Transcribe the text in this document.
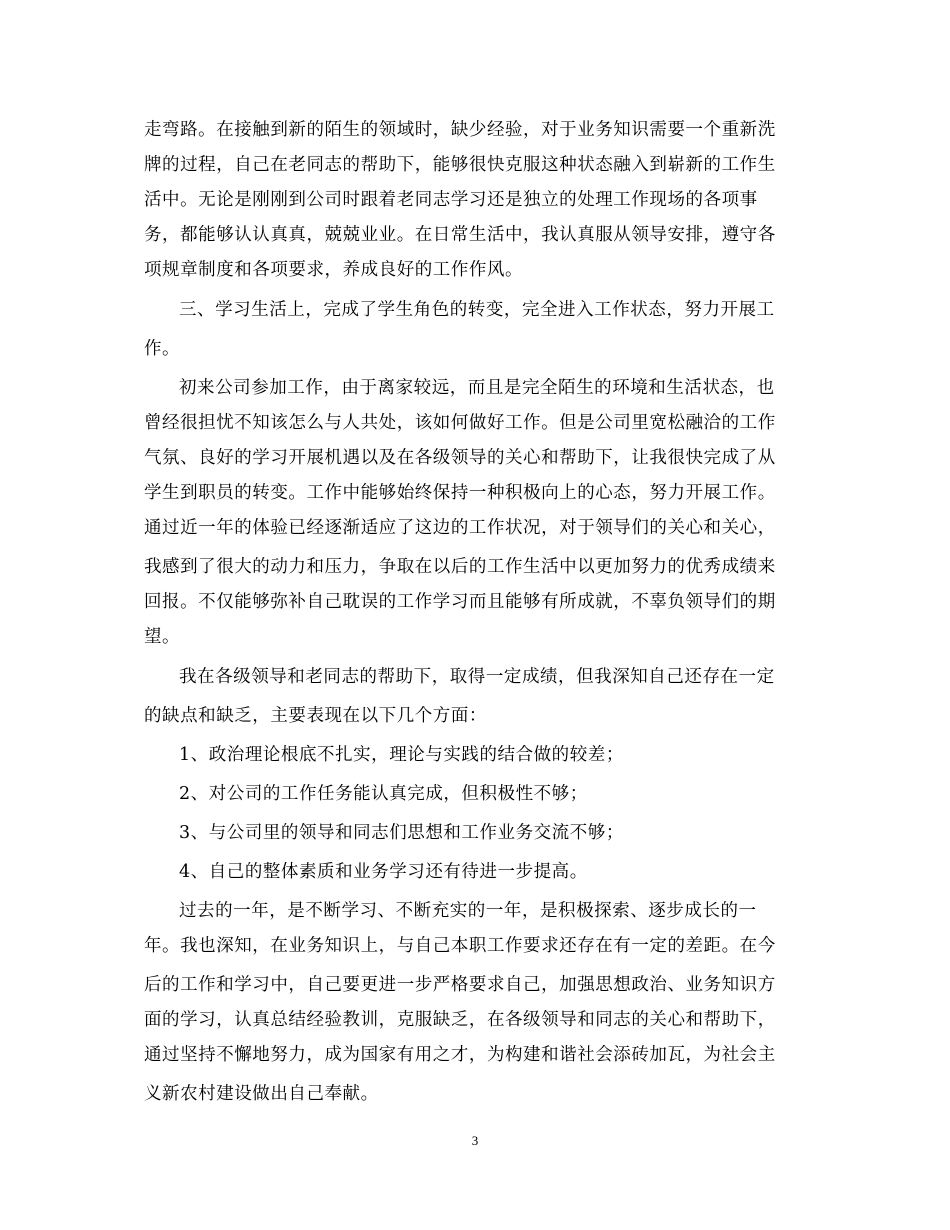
走弯路。在接触到新的陌生的领域时，缺少经验，对于业务知识需要一个重新洗
牌的过程，自己在老同志的帮助下，能够很快克服这种状态融入到崭新的工作生
活中。无论是刚刚到公司时跟着老同志学习还是独立的处理工作现场的各项事
务，都能够认认真真，兢兢业业。在日常生活中，我认真服从领导安排，遵守各
项规章制度和各项要求，养成良好的工作作风。
三、学习生活上，完成了学生角色的转变，完全进入工作状态，努力开展工
作。
初来公司参加工作，由于离家较远，而且是完全陌生的环境和生活状态，也
曾经很担忧不知该怎么与人共处，该如何做好工作。但是公司里宽松融洽的工作
气氛、良好的学习开展机遇以及在各级领导的关心和帮助下，让我很快完成了从
学生到职员的转变。工作中能够始终保持一种积极向上的心态，努力开展工作。
通过近一年的体验已经逐渐适应了这边的工作状况，对于领导们的关心和关心，
我感到了很大的动力和压力，争取在以后的工作生活中以更加努力的优秀成绩来
回报。不仅能够弥补自己耽误的工作学习而且能够有所成就，不辜负领导们的期
望。
我在各级领导和老同志的帮助下，取得一定成绩，但我深知自己还存在一定
的缺点和缺乏，主要表现在以下几个方面：
1、政治理论根底不扎实，理论与实践的结合做的较差；
2、对公司的工作任务能认真完成，但积极性不够；
3、与公司里的领导和同志们思想和工作业务交流不够；
4、自己的整体素质和业务学习还有待进一步提高。
过去的一年，是不断学习、不断充实的一年，是积极探索、逐步成长的一
年。我也深知，在业务知识上，与自己本职工作要求还存在有一定的差距。在今
后的工作和学习中，自己要更进一步严格要求自己，加强思想政治、业务知识方
面的学习，认真总结经验教训，克服缺乏，在各级领导和同志的关心和帮助下，
通过坚持不懈地努力，成为国家有用之才，为构建和谐社会添砖加瓦，为社会主
义新农村建设做出自己奉献。
3
